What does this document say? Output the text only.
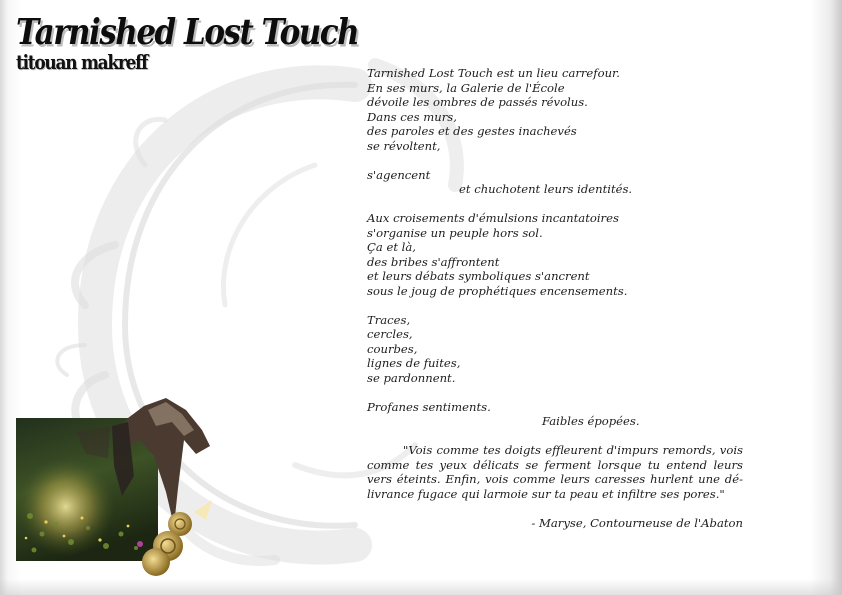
Tarnished Lost Touch
titouan makreff	Tarnished Lost Touch est un lieu carrefour.
En ses murs, la Galerie de l'École
dévoile les ombres de passés révolus.
Dans ces murs,
des paroles et des gestes inachevés
se révoltent,
s'agencent
et chuchotent leurs identités.
Aux croisements d'émulsions incantatoires
s'organise un peuple hors sol.
Ça et là,
des bribes s'affrontent
et leurs débats symboliques s'ancrent
sous le joug de prophétiques encensements.
Traces,
cercles,
courbes,
lignes de fuites,
se pardonnent.
Profanes sentiments.
Faibles épopées.
"Vois comme tes doigts effleurent d'impurs remords, vois comme tes yeux délicats se ferment lorsque tu entend leurs vers éteints. Enfin, vois comme leurs caresses hurlent une dé-livrance fugace qui larmoie sur ta peau et infiltre ses pores."
- Maryse, Contourneuse de l'Abaton
